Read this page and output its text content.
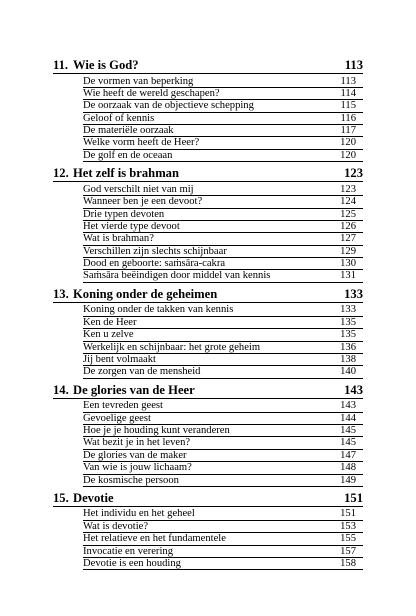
11. Wie is God?	113
De vormen van beperking	113
Wie heeft de wereld geschapen?	114
De oorzaak van de objectieve schepping	115
Geloof of kennis	116
De materiële oorzaak	117
Welke vorm heeft de Heer?	120
De golf en de oceaan	120
12. Het zelf is brahman	123
God verschilt niet van mij	123
Wanneer ben je een devoot?	124
Drie typen devoten	125
Het vierde type devoot	126
Wat is brahman?	127
Verschillen zijn slechts schijnbaar	129
Dood en geboorte: saṁsāra-cakra	130
Saṁsāra beëindigen door middel van kennis	131
13. Koning onder de geheimen	133
Koning onder de takken van kennis	133
Ken de Heer	135
Ken u zelve	135
Werkelijk en schijnbaar: het grote geheim	136
Jij bent volmaakt	138
De zorgen van de mensheid	140
14. De glories van de Heer	143
Een tevreden geest	143
Gevoelige geest	144
Hoe je je houding kunt veranderen	145
Wat bezit je in het leven?	145
De glories van de maker	147
Van wie is jouw lichaam?	148
De kosmische persoon	149
15. Devotie	151
Het individu en het geheel	151
Wat is devotie?	153
Het relatieve en het fundamentele	155
Invocatie en verering	157
Devotie is een houding	158
